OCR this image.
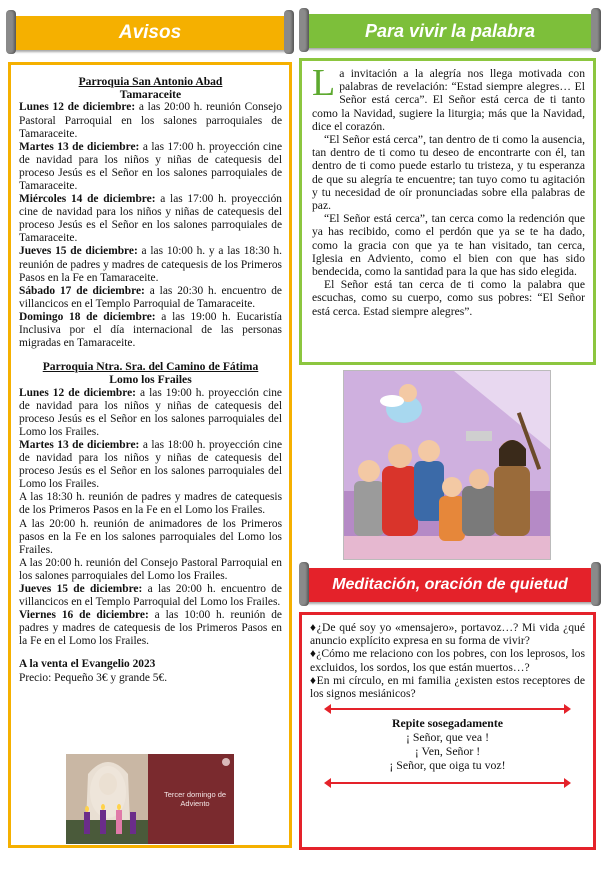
Avisos	Para vivir la palabra
Meditación, oración de quietud
Parroquia San Antonio Abad
Tamaraceite

Lunes 12 de diciembre: a las 20:00 h. reunión Consejo Pastoral Parroquial en los salones parroquiales de Tamaraceite.

Martes 13 de diciembre: a las 17:00 h. proyección cine de navidad para los niños y niñas de catequesis del proceso Jesús es el Señor en los salones parroquiales de Tamaraceite.

Miércoles 14 de diciembre: a las 17:00 h. proyección cine de navidad para los niños y niñas de catequesis del proceso Jesús es el Señor en los salones parroquiales de Tamaraceite.

Jueves 15 de diciembre: a las 10:00 h. y a las 18:30 h. reunión de padres y madres de catequesis de los Primeros Pasos en la Fe en Tamaraceite.

Sábado 17 de diciembre: a las 20:30 h. encuentro de villancicos en el Templo Parroquial de Tamaraceite.

Domingo 18 de diciembre: a las 19:00 h. Eucaristía Inclusiva por el día internacional de las personas migradas en Tamaraceite.

Parroquia Ntra. Sra. del Camino de Fátima
Lomo los Frailes

Lunes 12 de diciembre: a las 19:00 h. proyección cine de navidad para los niños y niñas de catequesis del proceso Jesús es el Señor en los salones parroquiales del Lomo los Frailes.

Martes 13 de diciembre: a las 18:00 h. proyección cine de navidad para los niños y niñas de catequesis del proceso Jesús es el Señor en los salones parroquiales del Lomo los Frailes.

A las 18:30 h. reunión de padres y madres de catequesis de los Primeros Pasos en la Fe en el Lomo los Frailes.

A las 20:00 h. reunión de animadores de los Primeros pasos en la Fe en los salones parroquiales del Lomo los Frailes.

A las 20:00 h. reunión del Consejo Pastoral Parroquial en los salones parroquiales del Lomo los Frailes.

Jueves 15 de diciembre: a las 20:00 h. encuentro de villancicos en el Templo Parroquial del Lomo los Frailes.

Viernes 16 de diciembre: a las 10:00 h. reunión de padres y madres de catequesis de los Primeros Pasos en la Fe en el Lomo los Frailes.

A la venta el Evangelio 2023
Precio: Pequeño 3€ y grande 5€.
Tercer domingo de Adviento
L a invitación a la alegría nos llega motivada con palabras de revelación: “Estad siempre alegres… El Señor está cerca”. El Señor está cerca de ti tanto como la Navidad, sugiere la liturgia; más que la Navidad, dice el corazón.

“El Señor está cerca”, tan dentro de ti como la ausencia, tan dentro de ti como tu deseo de encontrarte con él, tan dentro de ti como puede estarlo tu tristeza, y tu esperanza de que su alegría te encuentre; tan tuyo como tu agitación y tu necesidad de oír pronunciadas sobre ella palabras de paz.

“El Señor está cerca”, tan cerca como la redención que ya has recibido, como el perdón que ya se te ha dado, como la gracia con que ya te han visitado, tan cerca, Iglesia en Adviento, como el bien con que has sido bendecida, como la santidad para la que has sido elegida.

El Señor está tan cerca de ti como la palabra que escuchas, como su cuerpo, como sus pobres: “El Señor está cerca. Estad siempre alegres”.

♦¿De qué soy yo «mensajero», portavoz…? Mi vida ¿qué anuncio explícito expresa en su forma de vivir?

♦¿Cómo me relaciono con los pobres, con los leprosos, los excluidos, los sordos, los que están muertos…?

♦En mi círculo, en mi familia ¿existen estos receptores de los signos mesiánicos?

Repite sosegadamente
¡ Señor, que vea !
¡ Ven, Señor !
¡ Señor, que oiga tu voz!
